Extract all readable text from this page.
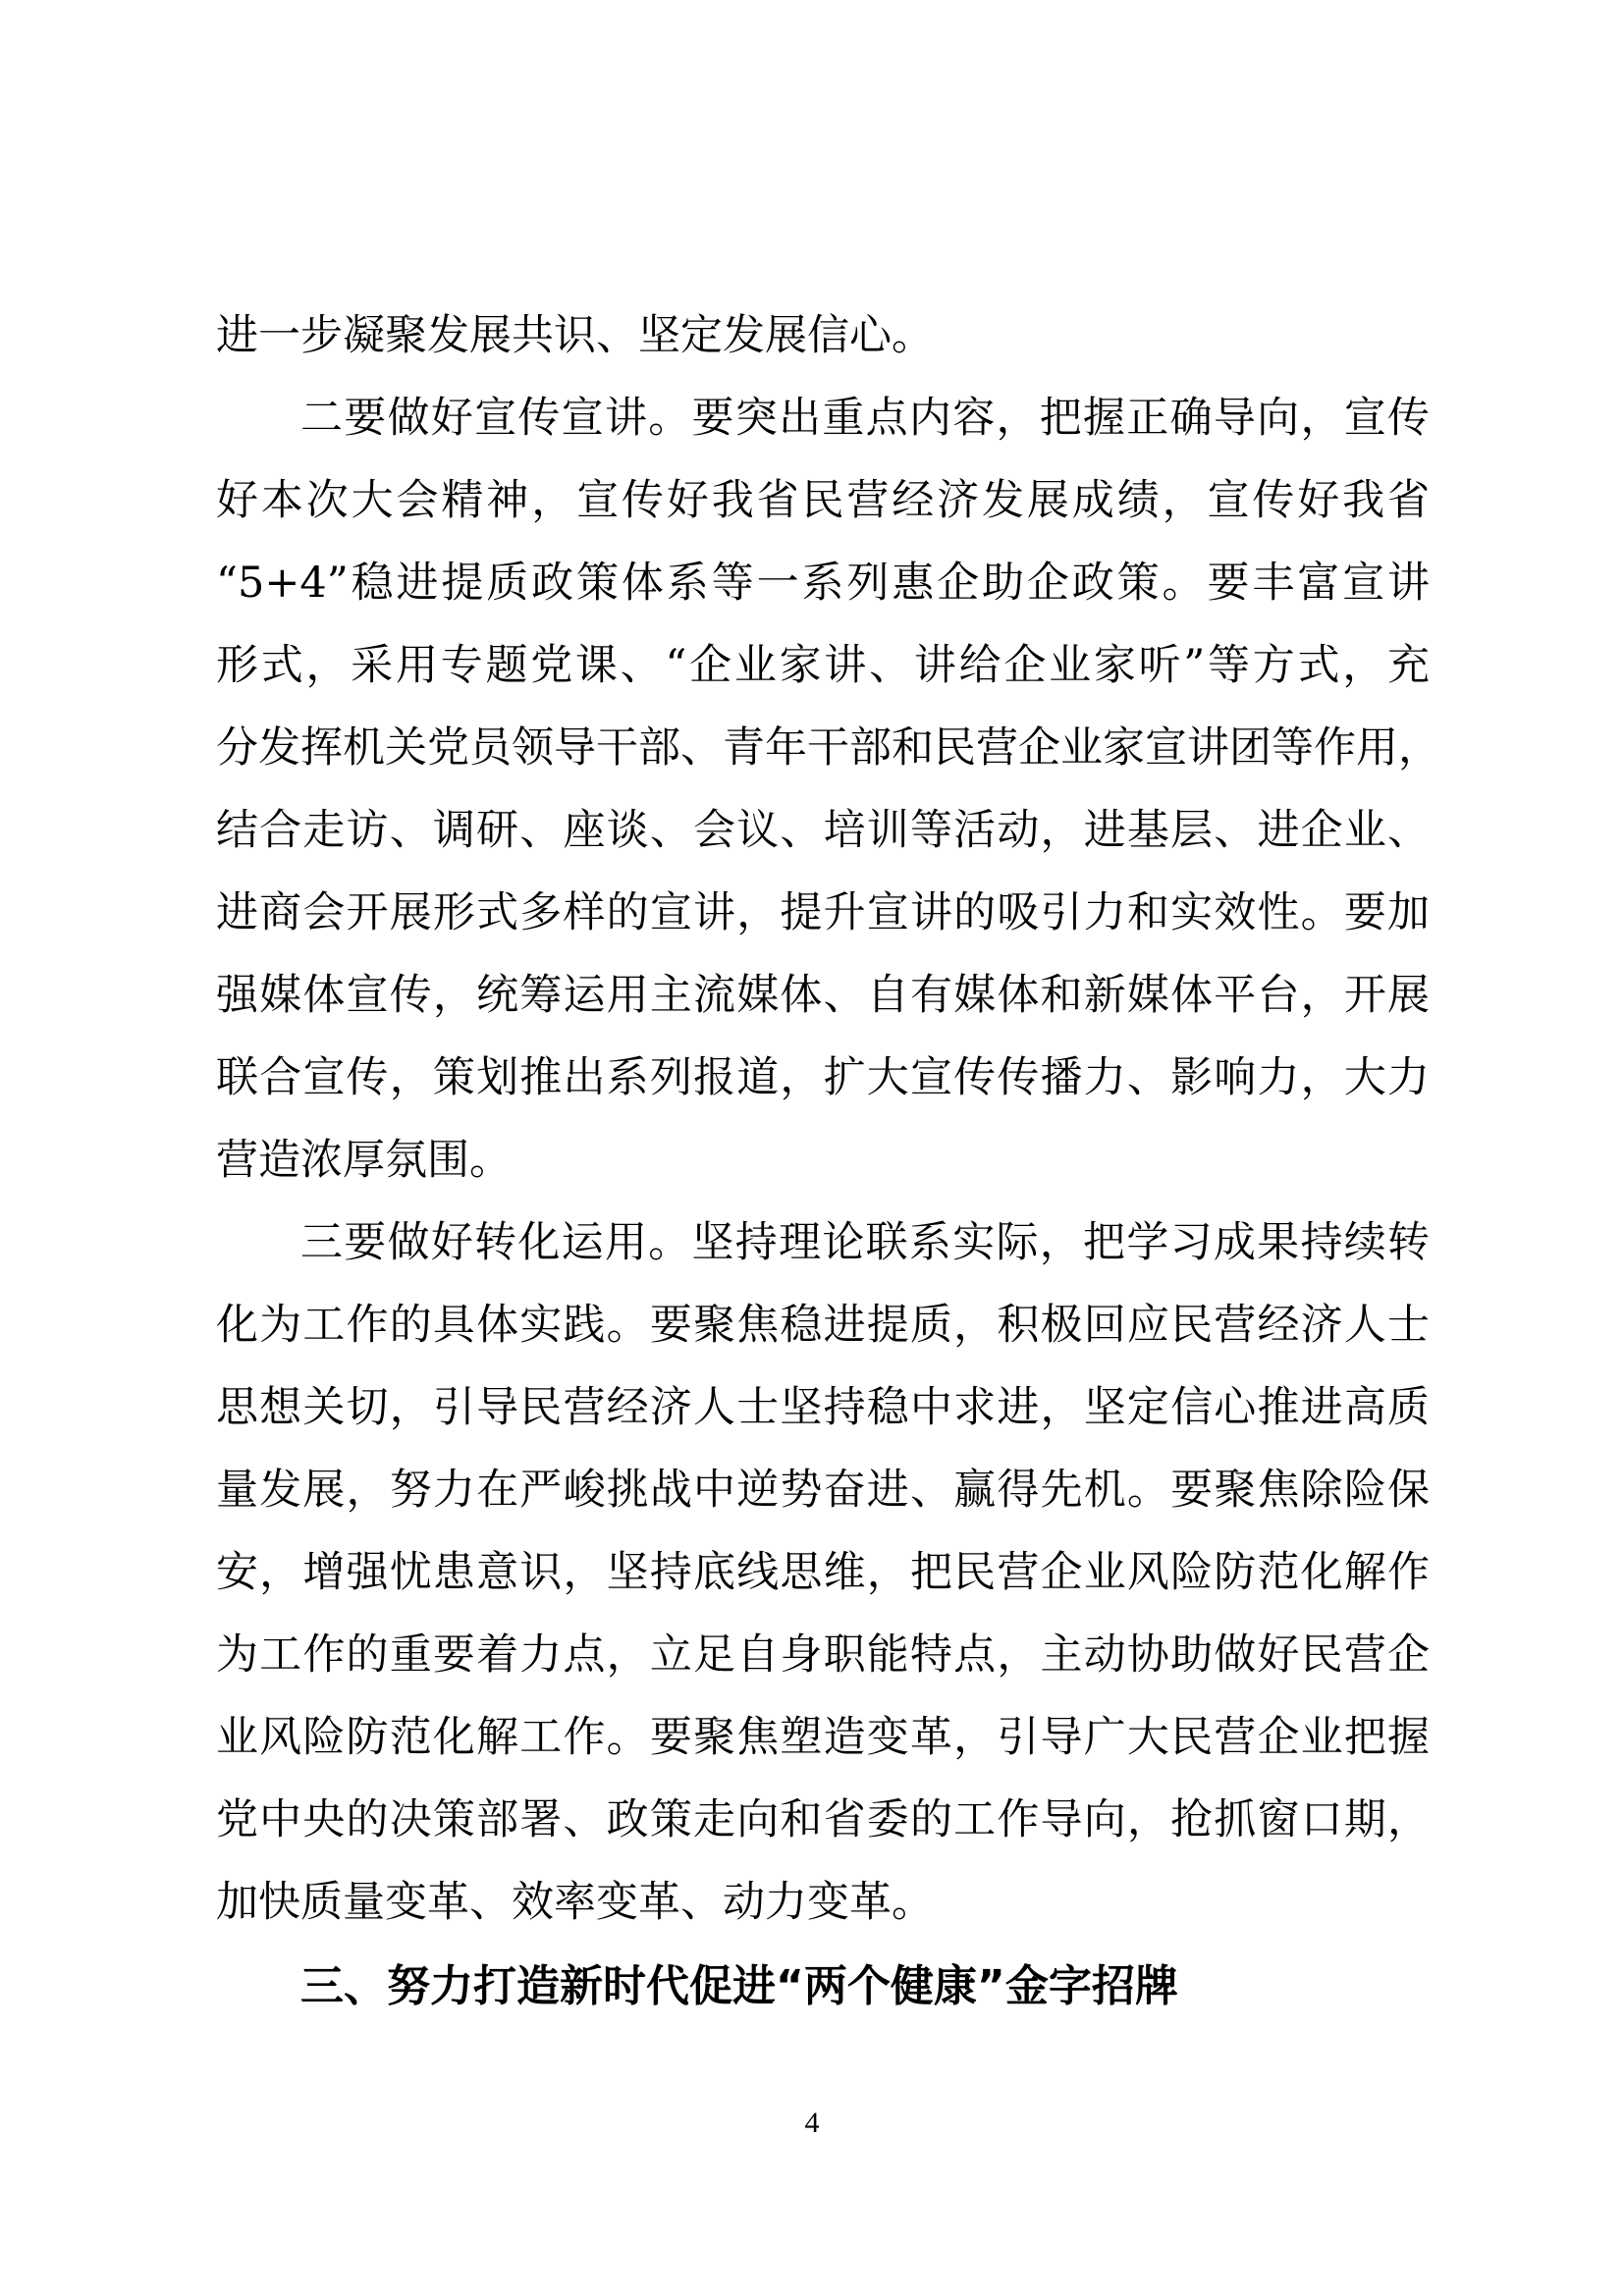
进一步凝聚发展共识、坚定发展信心。
二要做好宣传宣讲。要突出重点内容，把握正确导向，宣传
好本次大会精神，宣传好我省民营经济发展成绩，宣传好我省
“5+4”稳进提质政策体系等一系列惠企助企政策。要丰富宣讲
形式，采用专题党课、“企业家讲、讲给企业家听”等方式，充
分发挥机关党员领导干部、青年干部和民营企业家宣讲团等作用，
结合走访、调研、座谈、会议、培训等活动，进基层、进企业、
进商会开展形式多样的宣讲，提升宣讲的吸引力和实效性。要加
强媒体宣传，统筹运用主流媒体、自有媒体和新媒体平台，开展
联合宣传，策划推出系列报道，扩大宣传传播力、影响力，大力
营造浓厚氛围。
三要做好转化运用。坚持理论联系实际，把学习成果持续转
化为工作的具体实践。要聚焦稳进提质，积极回应民营经济人士
思想关切，引导民营经济人士坚持稳中求进，坚定信心推进高质
量发展，努力在严峻挑战中逆势奋进、赢得先机。要聚焦除险保
安，增强忧患意识，坚持底线思维，把民营企业风险防范化解作
为工作的重要着力点，立足自身职能特点，主动协助做好民营企
业风险防范化解工作。要聚焦塑造变革，引导广大民营企业把握
党中央的决策部署、政策走向和省委的工作导向，抢抓窗口期，
加快质量变革、效率变革、动力变革。
三、努力打造新时代促进“两个健康”金字招牌
4
